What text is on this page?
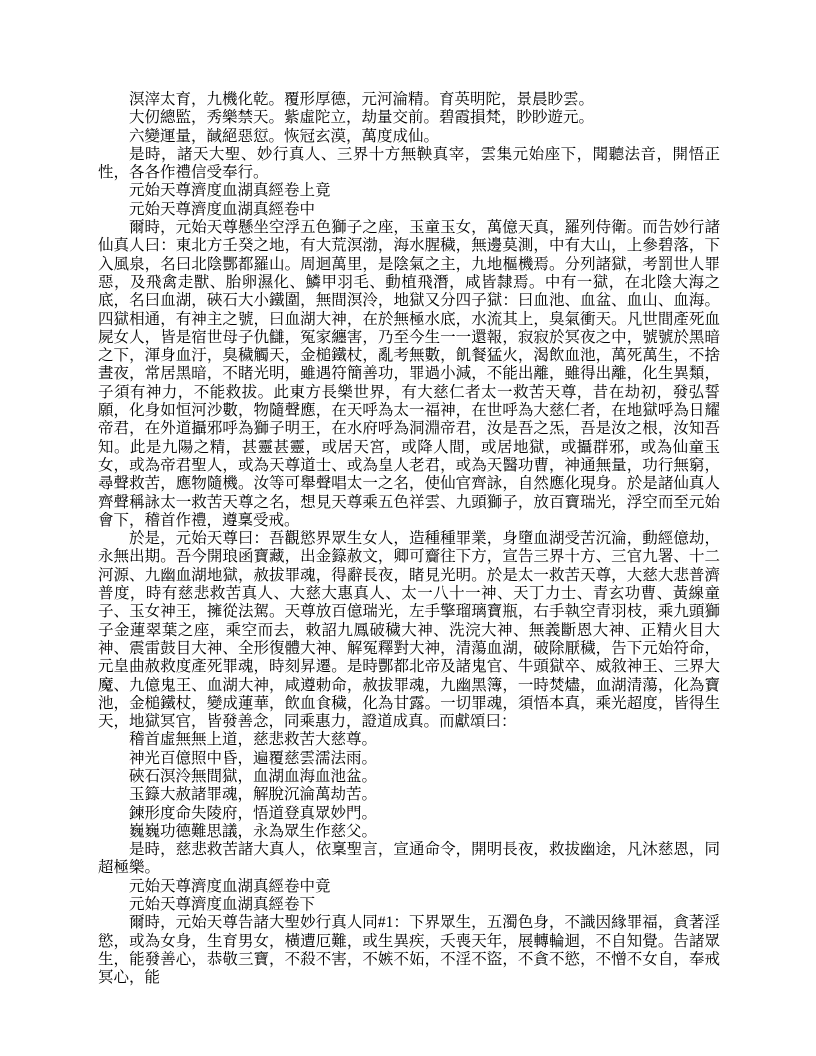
溟滓太育，九機化乾。覆形厚德，元河淪精。育英明陀，景晨眇雲。

大仞總監，秀樂禁天。紫虛陀立，劫量交前。碧霞損梵，眇眇遊元。

六變運量，馘絕惡愆。恢冠玄漠，萬度成仙。

是時，諸天大聖、妙行真人、三界十方無鞅真宰，雲集元始座下，聞聽法音，開悟正性，各各作禮信受奉行。

元始天尊濟度血湖真經卷上竟

元始天尊濟度血湖真經卷中

爾時，元始天尊懸坐空浮五色獅子之座，玉童玉女，萬億天真，羅列侍衛。而告妙行諸仙真人曰：東北方壬癸之地，有大荒溟渤，海水腥穢，無邊莫測，中有大山，上參碧落，下入風泉，名曰北陰酆都羅山。周迴萬里，是陰氣之主，九地樞機焉。分列諸獄，考罰世人罪惡，及飛禽走獸、胎卵濕化、鱗甲羽毛、動植飛潛，咸皆隸焉。中有一獄，在北陰大海之底，名曰血湖，硤石大小鐵圍，無間溟泠，地獄又分四子獄：曰血池、血盆、血山、血海。四獄相通，有神主之號，曰血湖大神，在於無極水底，水流其上，臭氣衝天。凡世間產死血屍女人，皆是宿世母子仇讎，冤家纏害，乃至今生一一還報，寂寂於冥夜之中，號號於黑暗之下，渾身血汙，臭穢觸天，金槌鐵杖，亂考無數，飢餐猛火，渴飲血池，萬死萬生，不捨晝夜，常居黑暗，不睹光明，雖遇符簡善功，罪過小減，不能出離，雖得出離，化生異類，子須有神力，不能救拔。此東方長樂世界，有大慈仁者太一救苦天尊，昔在劫初，發弘誓願，化身如恒河沙數，物隨聲應，在天呼為太一福神，在世呼為大慈仁者，在地獄呼為日耀帝君，在外道攝邪呼為獅子明王，在水府呼為洞淵帝君，汝是吾之炁，吾是汝之根，汝知吾知。此是九陽之精，甚靈甚靈，或居天宮，或降人間，或居地獄，或攝群邪，或為仙童玉女，或為帝君聖人，或為天尊道士、或為皇人老君，或為天醫功曹，神通無量，功行無窮，尋聲救苦，應物隨機。汝等可舉聲唱太一之名，使仙官齊詠，自然應化現身。於是諸仙真人齊聲稱詠太一救苦天尊之名，想見天尊乘五色祥雲、九頭獅子，放百寶瑞光，浮空而至元始會下，稽首作禮，遵稟受戒。

於是，元始天尊曰：吾觀慾界眾生女人，造種種罪業，身墮血湖受苦沉淪，動經億劫，永無出期。吾今開琅函寶藏，出金籙赦文，卿可齎往下方，宣告三界十方、三官九署、十二河源、九幽血湖地獄，赦拔罪魂，得辭長夜，睹見光明。於是太一救苦天尊，大慈大悲普濟普度，時有慈悲救苦真人、大慈大惠真人、太一八十一神、天丁力士、青玄功曹、黃線童子、玉女神王，擁從法駕。天尊放百億瑞光，左手擎瑠璃寶瓶，右手執空青羽枝，乘九頭獅子金蓮翠葉之座，乘空而去，敕詔九鳳破穢大神、洗浣大神、無義斷恩大神、正精火目大神、震雷鼓目大神、全形復體大神、解冤釋對大神，清蕩血湖，破除厭穢，告下元始符命，元皇曲赦救度產死罪魂，時刻昇遷。是時酆都北帝及諸鬼官、牛頭獄卒、威敘神王、三界大魔、九億鬼王、血湖大神，咸遵勅命，赦拔罪魂，九幽黑簿，一時焚燼，血湖清蕩，化為寶池，金槌鐵杖，變成蓮華，飲血食穢，化為甘露。一切罪魂，須悟本真，乘光超度，皆得生天，地獄冥官，皆發善念，同乘惠力，證道成真。而獻頌曰：

稽首虛無無上道，慈悲救苦大慈尊。

神光百億照中昏，遍覆慈雲濡法雨。

硤石溟泠無間獄，血湖血海血池盆。

玉籙大赦諸罪魂，解脫沉淪萬劫苦。

鍊形度命失陵府，悟道登真眾妙門。

巍巍功德難思議，永為眾生作慈父。

是時，慈悲救苦諸大真人，依稟聖言，宣通命令，開明長夜，救拔幽途，凡沐慈恩，同超極樂。

元始天尊濟度血湖真經卷中竟

元始天尊濟度血湖真經卷下

爾時，元始天尊告諸大聖妙行真人同#1：下界眾生，五濁色身，不識因緣罪福，貪著淫慾，或為女身，生育男女，橫遭厄難，或生異疾，夭喪天年，展轉輪迴，不自知覺。告諸眾生，能發善心，恭敬三寶，不殺不害，不嫉不妬，不淫不盜，不貪不慾，不憎不女自，奉戒冥心，能
